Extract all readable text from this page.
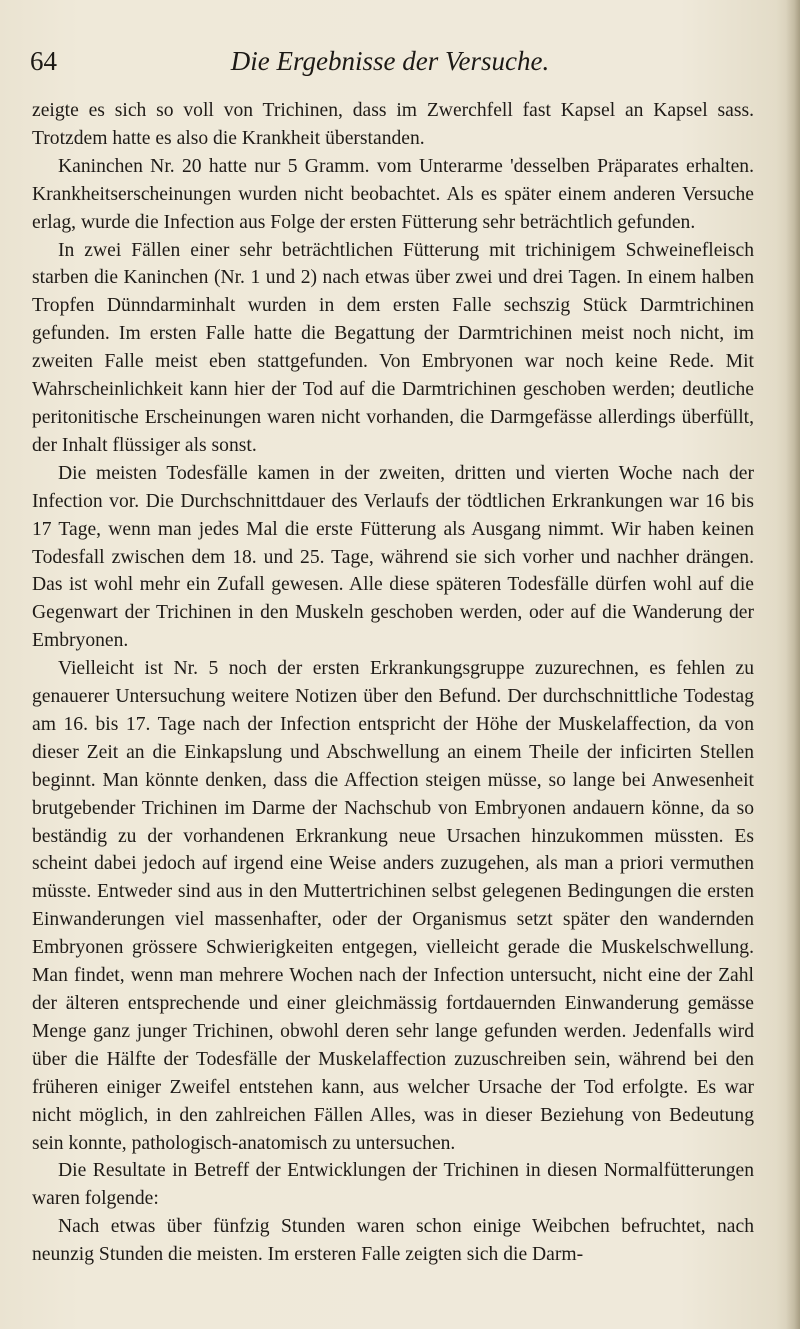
64	Die Ergebnisse der Versuche.

zeigte es sich so voll von Trichinen, dass im Zwerchfell fast Kapsel an Kapsel sass. Trotzdem hatte es also die Krankheit überstanden.

Kaninchen Nr. 20 hatte nur 5 Gramm. vom Unterarme 'desselben Präparates erhalten. Krankheitserscheinungen wurden nicht beobachtet. Als es später einem anderen Versuche erlag, wurde die Infection aus Folge der ersten Fütterung sehr beträchtlich gefunden.

In zwei Fällen einer sehr beträchtlichen Fütterung mit trichinigem Schweinefleisch starben die Kaninchen (Nr. 1 und 2) nach etwas über zwei und drei Tagen. In einem halben Tropfen Dünndarminhalt wurden in dem ersten Falle sechszig Stück Darmtrichinen gefunden. Im ersten Falle hatte die Begattung der Darmtrichinen meist noch nicht, im zweiten Falle meist eben stattgefunden. Von Embryonen war noch keine Rede. Mit Wahrscheinlichkeit kann hier der Tod auf die Darmtrichinen geschoben werden; deutliche peritonitische Erscheinungen waren nicht vorhanden, die Darmgefässe allerdings überfüllt, der Inhalt flüssiger als sonst.

Die meisten Todesfälle kamen in der zweiten, dritten und vierten Woche nach der Infection vor. Die Durchschnittdauer des Verlaufs der tödtlichen Erkrankungen war 16 bis 17 Tage, wenn man jedes Mal die erste Fütterung als Ausgang nimmt. Wir haben keinen Todesfall zwischen dem 18. und 25. Tage, während sie sich vorher und nachher drängen. Das ist wohl mehr ein Zufall gewesen. Alle diese späteren Todesfälle dürfen wohl auf die Gegenwart der Trichinen in den Muskeln geschoben werden, oder auf die Wanderung der Embryonen.

Vielleicht ist Nr. 5 noch der ersten Erkrankungsgruppe zuzurechnen, es fehlen zu genauerer Untersuchung weitere Notizen über den Befund. Der durchschnittliche Todestag am 16. bis 17. Tage nach der Infection entspricht der Höhe der Muskelaffection, da von dieser Zeit an die Einkapslung und Abschwellung an einem Theile der inficirten Stellen beginnt. Man könnte denken, dass die Affection steigen müsse, so lange bei Anwesenheit brutgebender Trichinen im Darme der Nachschub von Embryonen andauern könne, da so beständig zu der vorhandenen Erkrankung neue Ursachen hinzukommen müssten. Es scheint dabei jedoch auf irgend eine Weise anders zuzugehen, als man a priori vermuthen müsste. Entweder sind aus in den Muttertrichinen selbst gelegenen Bedingungen die ersten Einwanderungen viel massenhafter, oder der Organismus setzt später den wandernden Embryonen grössere Schwierigkeiten entgegen, vielleicht gerade die Muskelschwellung. Man findet, wenn man mehrere Wochen nach der Infection untersucht, nicht eine der Zahl der älteren entsprechende und einer gleichmässig fortdauernden Einwanderung gemässe Menge ganz junger Trichinen, obwohl deren sehr lange gefunden werden. Jedenfalls wird über die Hälfte der Todesfälle der Muskelaffection zuzuschreiben sein, während bei den früheren einiger Zweifel entstehen kann, aus welcher Ursache der Tod erfolgte. Es war nicht möglich, in den zahlreichen Fällen Alles, was in dieser Beziehung von Bedeutung sein konnte, pathologisch-anatomisch zu untersuchen.

Die Resultate in Betreff der Entwicklungen der Trichinen in diesen Normalfütterungen waren folgende:

Nach etwas über fünfzig Stunden waren schon einige Weibchen befruchtet, nach neunzig Stunden die meisten. Im ersteren Falle zeigten sich die Darm-
